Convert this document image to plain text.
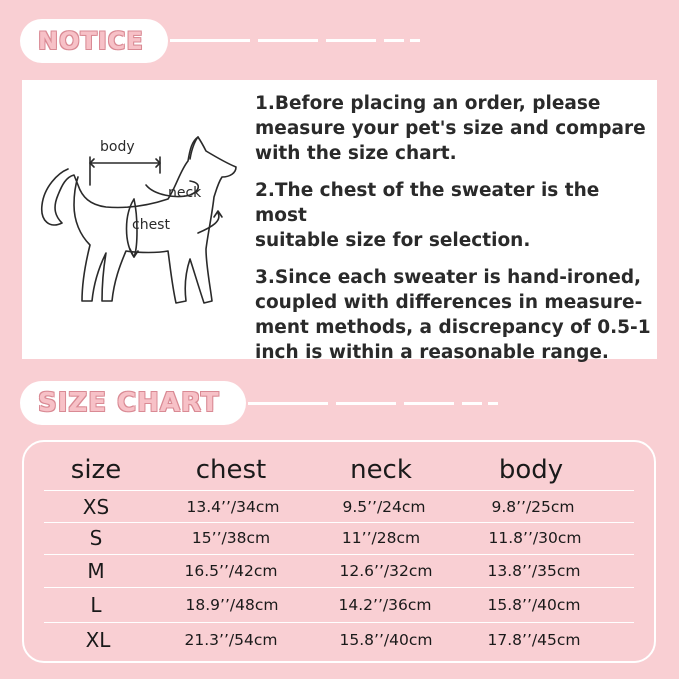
NOTICE
body
neck
chest

1.Before placing an order, please
measure your pet's size and compare
with the size chart.

2.The chest of the sweater is the most
suitable size for selection.

3.Since each sweater is hand-ironed,
coupled with differences in measure-
ment methods, a discrepancy of 0.5-1
inch is within a reasonable range.

SIZE CHART
size	chest	neck	body
XS	13.4’’/34cm	9.5’’/24cm	9.8’’/25cm
S	15’’/38cm	11’’/28cm	11.8’’/30cm
M	16.5’’/42cm	12.6’’/32cm	13.8’’/35cm
L	18.9’’/48cm	14.2’’/36cm	15.8’’/40cm
XL	21.3’’/54cm	15.8’’/40cm	17.8’’/45cm
